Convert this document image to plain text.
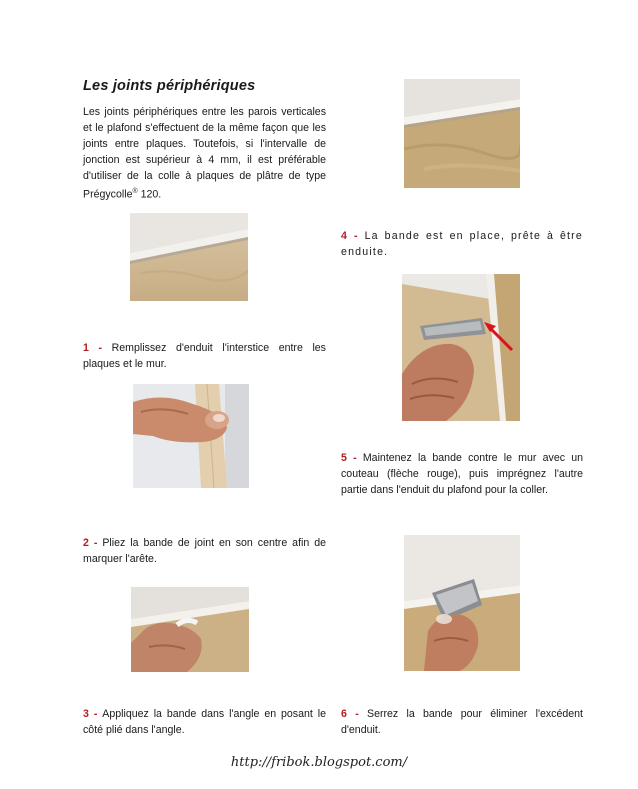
Les joints périphériques

Les joints périphériques entre les parois verticales et le plafond s'effectuent de la même façon que les joints entre plaques. Toutefois, si l'intervalle de jonction est supérieur à 4 mm, il est préférable d'utiliser de la colle à plaques de plâtre de type Prégycolle® 120.

1 - Remplissez d'enduit l'interstice entre les plaques et le mur.
2 - Pliez la bande de joint en son centre afin de marquer l'arête.
3 - Appliquez la bande dans l'angle en posant le côté plié dans l'angle.
4 - La bande est en place, prête à être enduite.
5 - Maintenez la bande contre le mur avec un couteau (flèche rouge), puis imprégnez l'autre partie dans l'enduit du plafond pour la coller.
6 - Serrez la bande pour éliminer l'excédent d'enduit.
http://fribok.blogspot.com/
